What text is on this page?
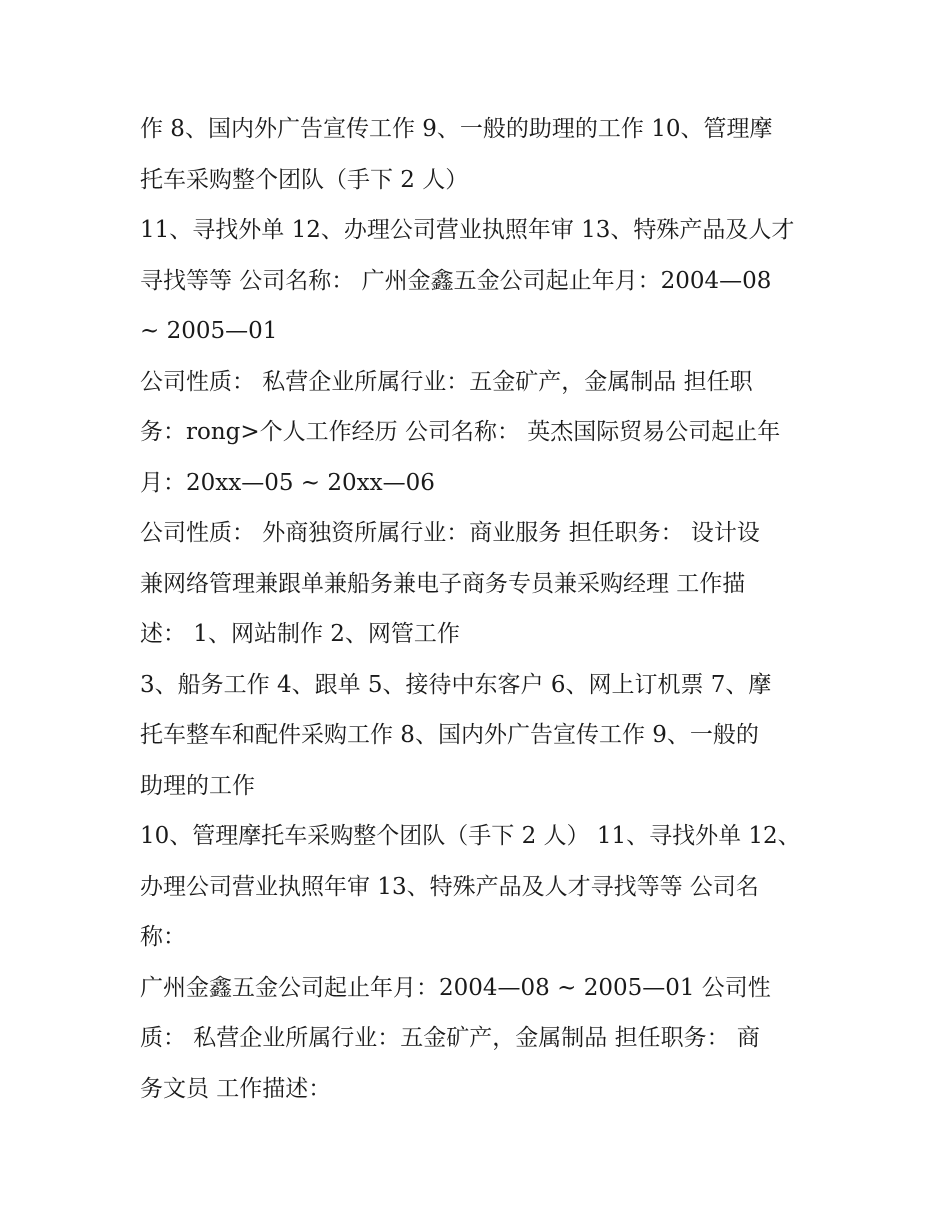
作 8、国内外广告宣传工作 9、一般的助理的工作 10、管理摩
托车采购整个团队（手下 2 人）
11、寻找外单 12、办理公司营业执照年审 13、特殊产品及人才
寻找等等 公司名称： 广州金鑫五金公司起止年月：2004—08
~ 2005—01
公司性质： 私营企业所属行业：五金矿产，金属制品 担任职
务：rong>个人工作经历 公司名称： 英杰国际贸易公司起止年
月：20xx—05 ~ 20xx—06
公司性质： 外商独资所属行业：商业服务 担任职务： 设计设
兼网络管理兼跟单兼船务兼电子商务专员兼采购经理 工作描
述： 1、网站制作 2、网管工作
3、船务工作 4、跟单 5、接待中东客户 6、网上订机票 7、摩
托车整车和配件采购工作 8、国内外广告宣传工作 9、一般的
助理的工作
10、管理摩托车采购整个团队（手下 2 人） 11、寻找外单 12、
办理公司营业执照年审 13、特殊产品及人才寻找等等 公司名
称：
广州金鑫五金公司起止年月：2004—08 ~ 2005—01 公司性
质： 私营企业所属行业：五金矿产，金属制品 担任职务： 商
务文员 工作描述：
